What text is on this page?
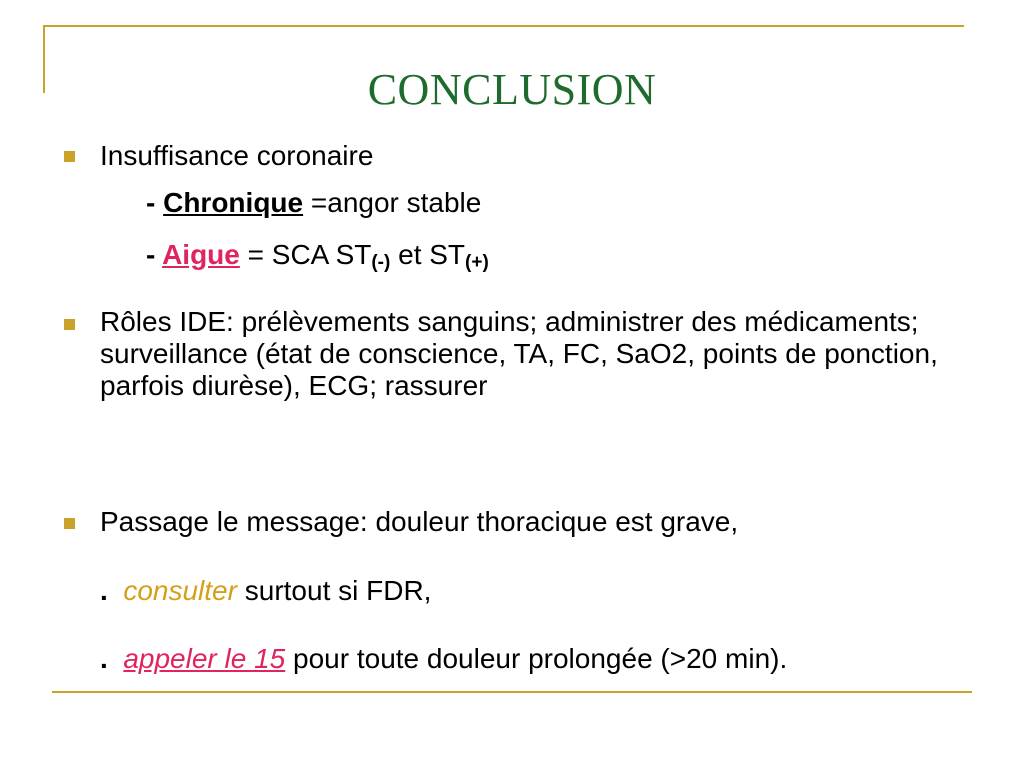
CONCLUSION
Insuffisance coronaire
- Chronique =angor stable
- Aigue = SCA ST(-) et ST(+)
Rôles IDE: prélèvements sanguins; administrer des médicaments; surveillance (état de conscience, TA, FC, SaO2, points de ponction, parfois diurèse), ECG; rassurer
Passage le message: douleur thoracique est grave,
. consulter surtout si FDR,
. appeler le 15 pour toute douleur prolongée (>20 min).
